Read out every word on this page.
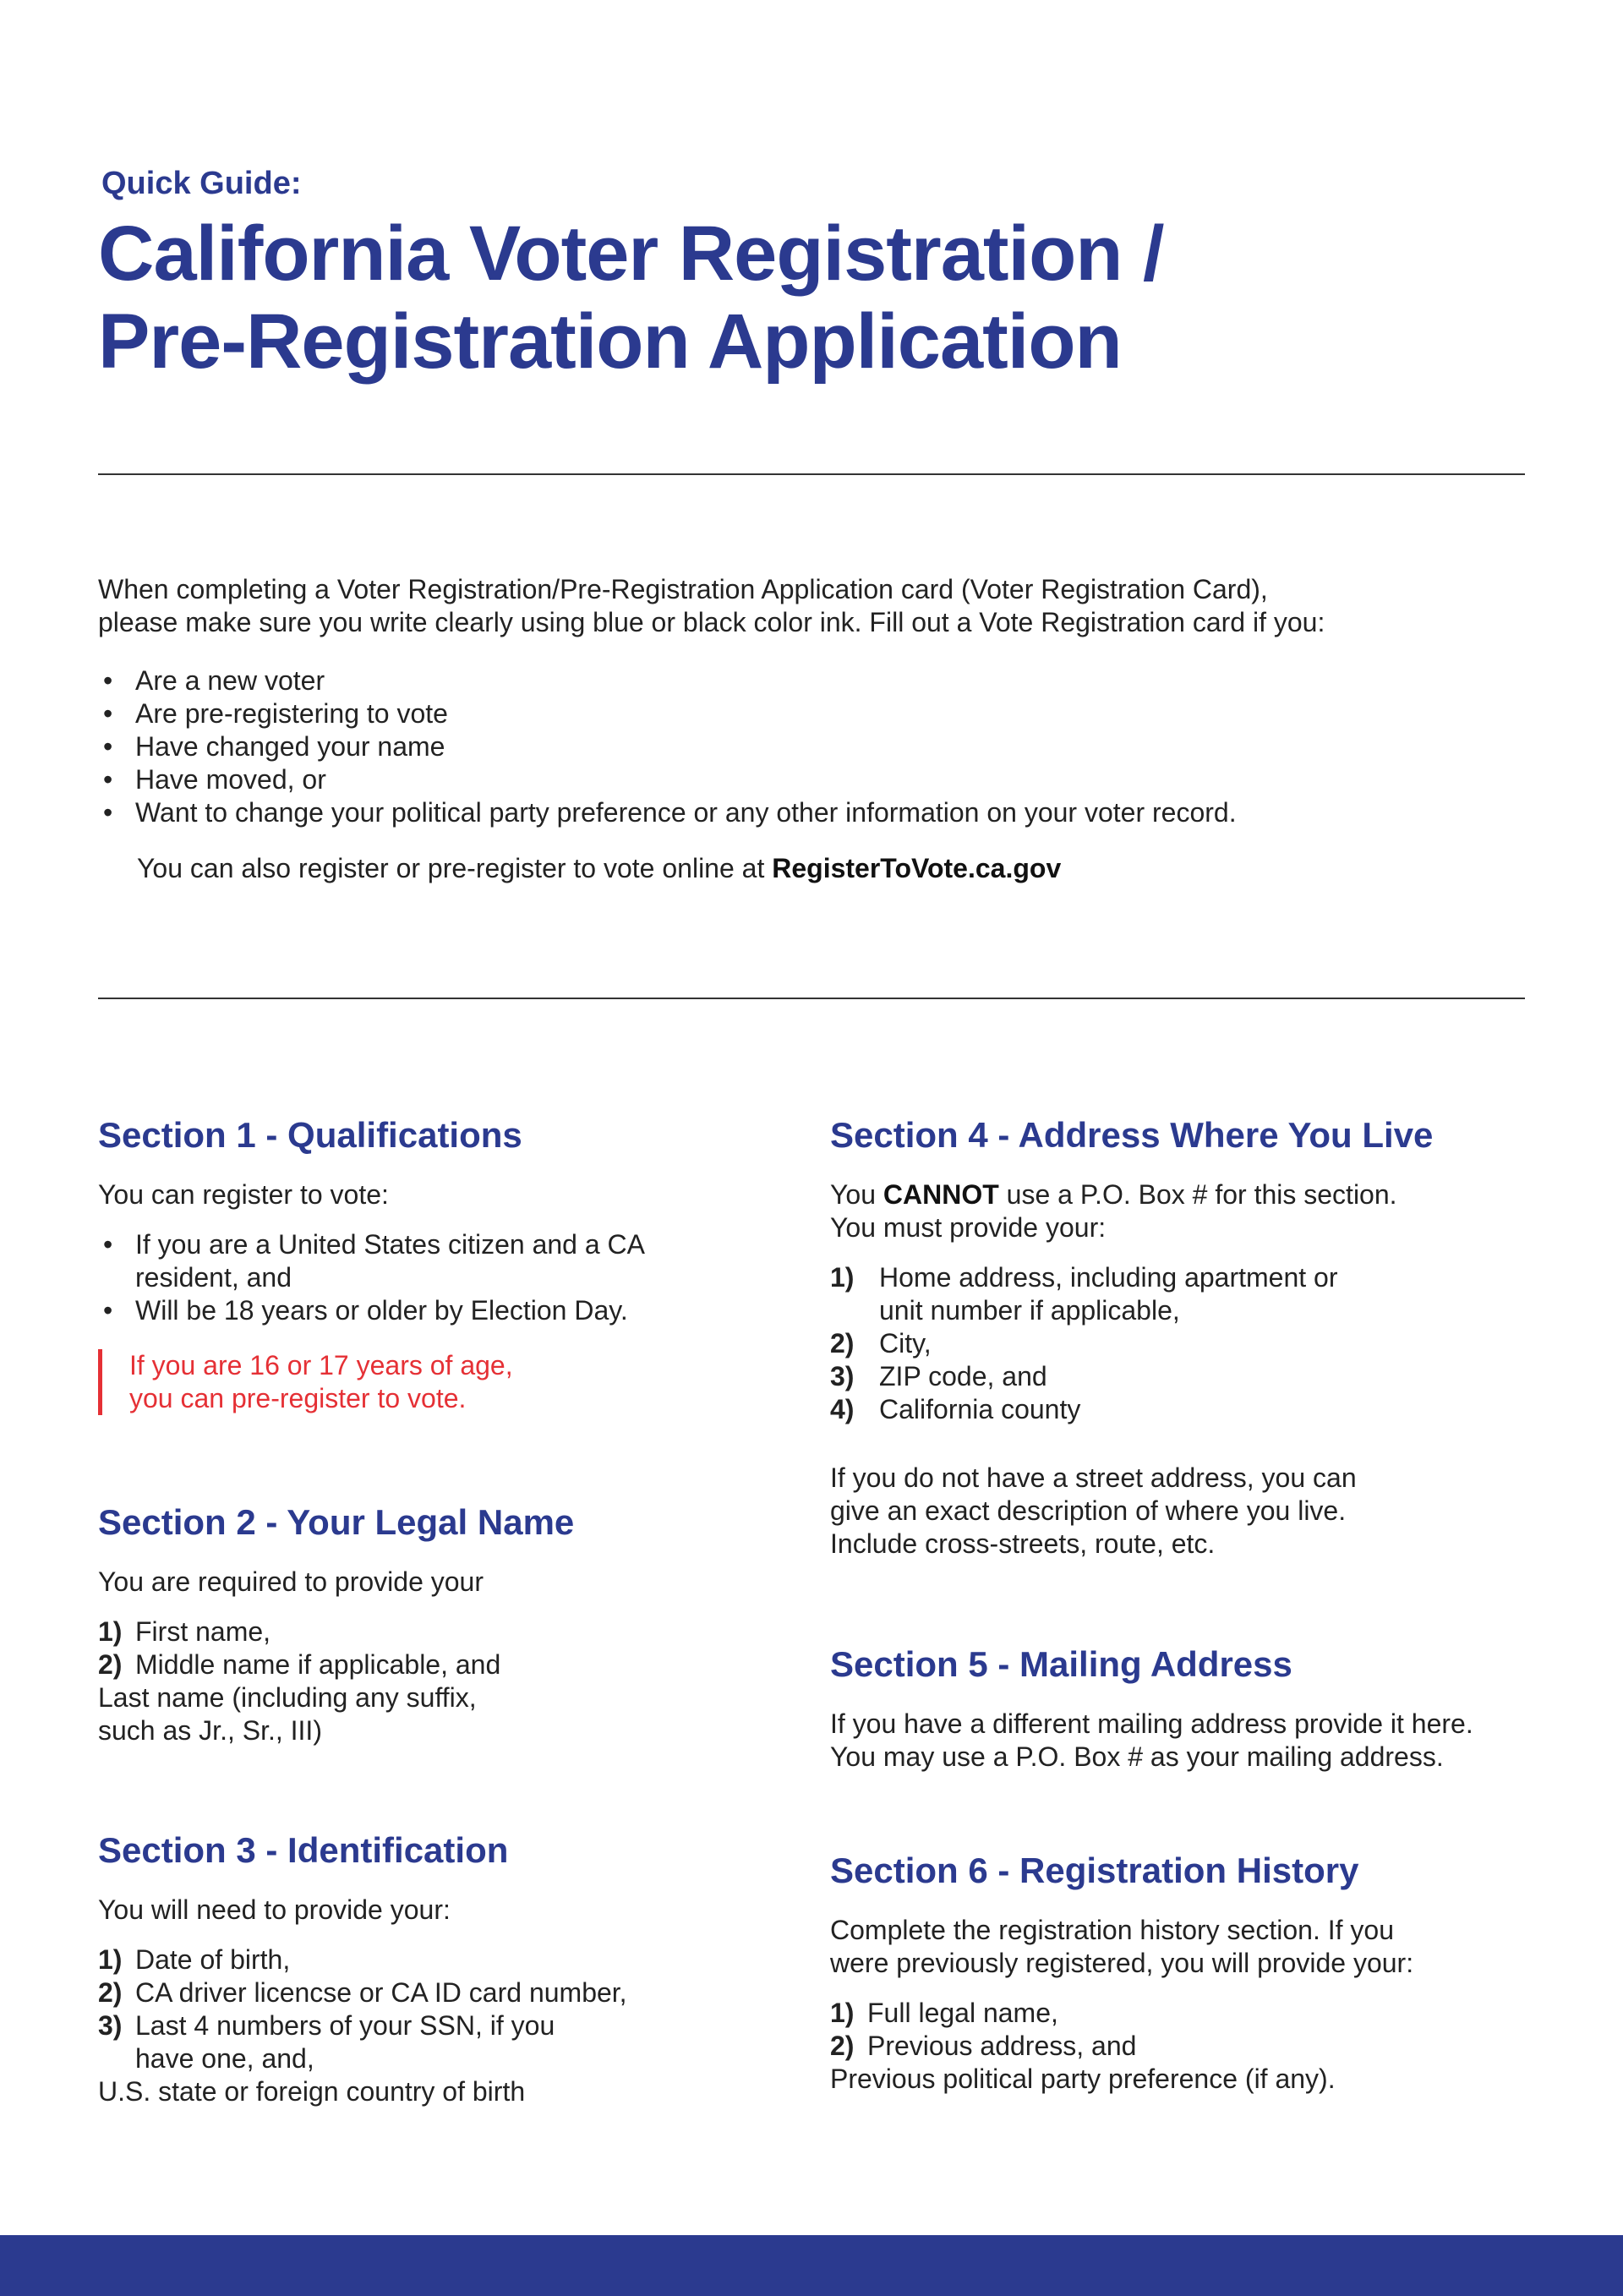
Quick Guide:
California Voter Registration /
Pre-Registration Application
When completing a Voter Registration/Pre-Registration Application card (Voter Registration Card),
please make sure you write clearly using blue or black color ink. Fill out a Vote Registration card if you:
• Are a new voter
• Are pre-registering to vote
• Have changed your name
• Have moved, or
• Want to change your political party preference or any other information on your voter record.

You can also register or pre-register to vote online at RegisterToVote.ca.gov

Section 1 - Qualifications

You can register to vote:

• If you are a United States citizen and a CA resident, and
• Will be 18 years or older by Election Day.
If you are 16 or 17 years of age,
you can pre-register to vote.
Section 2 - Your Legal Name

You are required to provide your

1) First name,
2) Middle name if applicable, and

Last name (including any suffix,
such as Jr., Sr., III)

Section 3 - Identification

You will need to provide your:

1) Date of birth,
2) CA driver licencse or CA ID card number,
3) Last 4 numbers of your SSN, if you have one, and,

U.S. state or foreign country of birth

Section 4 - Address Where You Live

You CANNOT use a P.O. Box # for this section.
You must provide your:

1) Home address, including apartment or unit number if applicable,
2) City,
3) ZIP code, and
4) California county

If you do not have a street address, you can
give an exact description of where you live.
Include cross-streets, route, etc.

Section 5 - Mailing Address

If you have a different mailing address provide it here.
You may use a P.O. Box # as your mailing address.

Section 6 - Registration History

Complete the registration history section. If you
were previously registered, you will provide your:

1) Full legal name,
2) Previous address, and

Previous political party preference (if any).
